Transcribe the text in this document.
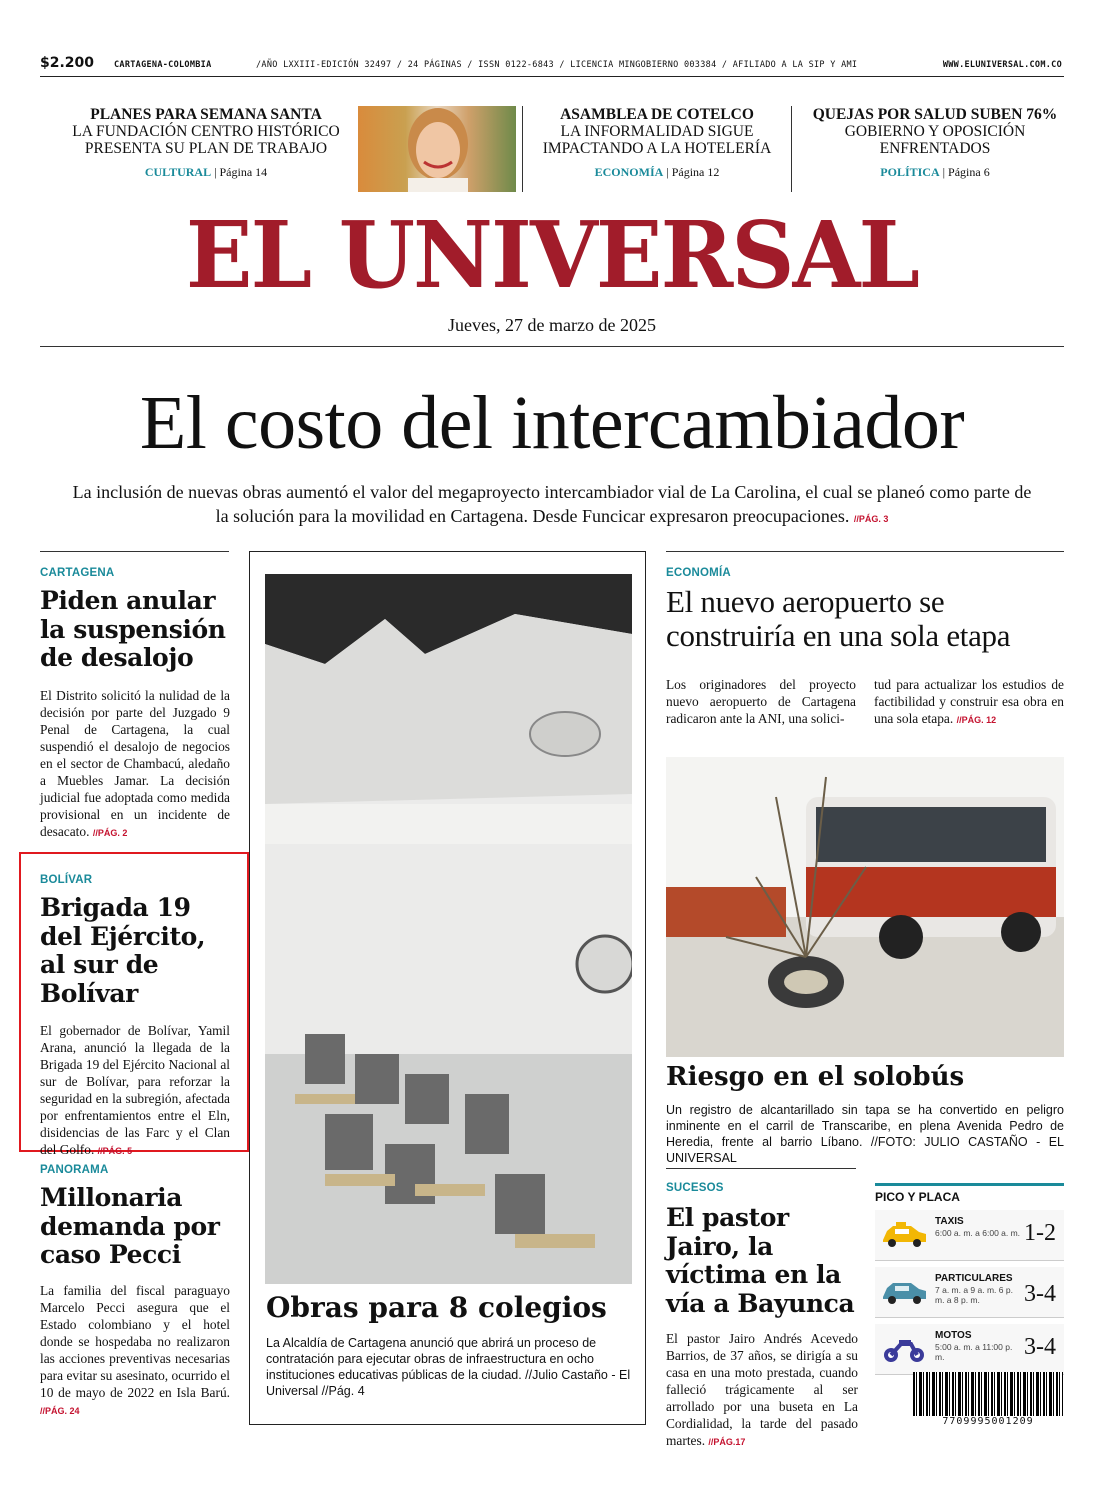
$2.200 CARTAGENA-COLOMBIA	/AÑO LXXIII-EDICIÓN 32497 / 24 PÁGINAS / ISSN 0122-6843 / LICENCIA MINGOBIERNO 003384 / AFILIADO A LA SIP Y AMI	WWW.ELUNIVERSAL.COM.CO
PLANES PARA SEMANA SANTA
LA FUNDACIÓN CENTRO HISTÓRICO PRESENTA SU PLAN DE TRABAJO
CULTURAL | Página 14
ASAMBLEA DE COTELCO
LA INFORMALIDAD SIGUE IMPACTANDO A LA HOTELERÍA
ECONOMÍA | Página 12
QUEJAS POR SALUD SUBEN 76%
GOBIERNO Y OPOSICIÓN ENFRENTADOS
POLÍTICA | Página 6
EL UNIVERSAL
Jueves, 27 de marzo de 2025
El costo del intercambiador
La inclusión de nuevas obras aumentó el valor del megaproyecto intercambiador vial de La Carolina, el cual se planeó como parte de la solución para la movilidad en Cartagena. Desde Funcicar expresaron preocupaciones. //PÁG. 3
CARTAGENA
Piden anular la suspensión de desalojo
El Distrito solicitó la nulidad de la decisión por parte del Juzgado 9 Penal de Cartagena, la cual suspendió el desalojo de negocios en el sector de Chambacú, aledaño a Muebles Jamar. La decisión judicial fue adoptada como medida provisional en un incidente de desacato. //PÁG. 2
BOLÍVAR
Brigada 19 del Ejército, al sur de Bolívar
El gobernador de Bolívar, Yamil Arana, anunció la llegada de la Brigada 19 del Ejército Nacional al sur de Bolívar, para reforzar la seguridad en la subregión, afectada por enfrentamientos entre el Eln, disidencias de las Farc y el Clan del Golfo. //PÁG. 5
PANORAMA
Millonaria demanda por caso Pecci
La familia del fiscal paraguayo Marcelo Pecci asegura que el Estado colombiano y el hotel donde se hospedaba no realizaron las acciones preventivas necesarias para evitar su asesinato, ocurrido el 10 de mayo de 2022 en Isla Barú. //PÁG. 24
Obras para 8 colegios
La Alcaldía de Cartagena anunció que abrirá un proceso de contratación para ejecutar obras de infraestructura en ocho instituciones educativas públicas de la ciudad. //Julio Castaño - El Universal //Pág. 4
ECONOMÍA
El nuevo aeropuerto se construiría en una sola etapa
Los originadores del proyecto nuevo aeropuerto de Cartagena radicaron ante la ANI, una solici-
tud para actualizar los estudios de factibilidad y construir esa obra en una sola etapa. //PÁG. 12
Riesgo en el solobús
Un registro de alcantarillado sin tapa se ha convertido en peligro inminente en el carril de Transcaribe, en plena Avenida Pedro de Heredia, frente al barrio Líbano. //FOTO: JULIO CASTAÑO - EL UNIVERSAL
SUCESOS
El pastor Jairo, la víctima en la vía a Bayunca
El pastor Jairo Andrés Acevedo Barrios, de 37 años, se dirigía a su casa en una moto prestada, cuando falleció trágicamente al ser arrollado por una buseta en La Cordialidad, la tarde del pasado martes. //PÁG.17
PICO Y PLACA
TAXIS
6:00 a. m. a 6:00 a. m. 1-2
PARTICULARES
7 a. m. a 9 a. m. 6 p. m. a 8 p. m.	3-4
MOTOS
5:00 a. m. a 11:00 p. m.	3-4
7709995001209
